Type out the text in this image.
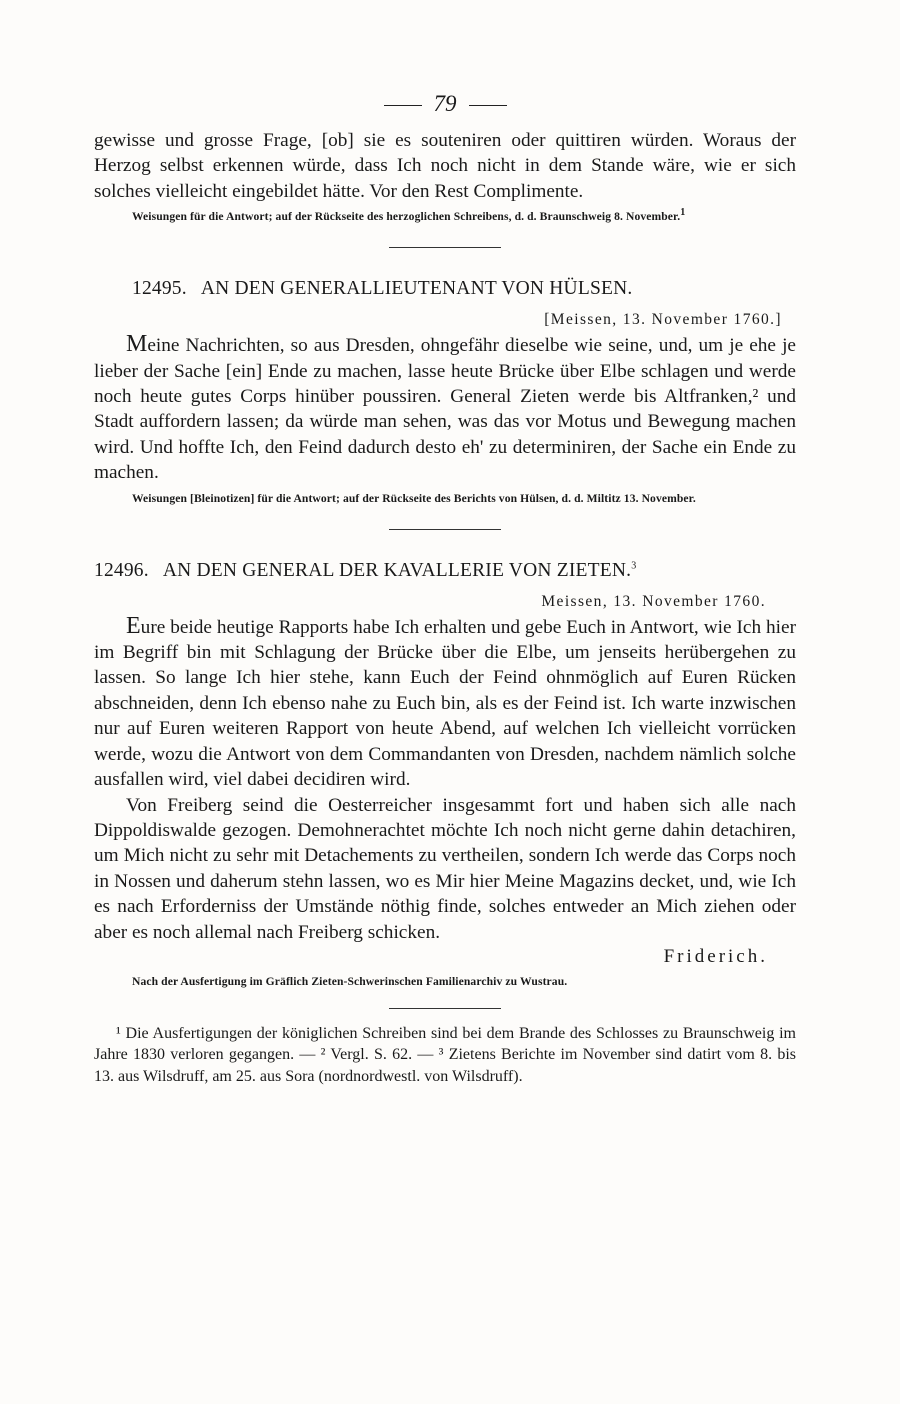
79

gewisse und grosse Frage, [ob] sie es souteniren oder quittiren würden. Woraus der Herzog selbst erkennen würde, dass Ich noch nicht in dem Stande wäre, wie er sich solches vielleicht eingebildet hätte. Vor den Rest Complimente.

Weisungen für die Antwort; auf der Rückseite des herzoglichen Schreibens, d. d. Braunschweig 8. November.1

12495. AN DEN GENERALLIEUTENANT VON HÜLSEN.

[Meissen, 13. November 1760.]

Meine Nachrichten, so aus Dresden, ohngefähr dieselbe wie seine, und, um je ehe je lieber der Sache [ein] Ende zu machen, lasse heute Brücke über Elbe schlagen und werde noch heute gutes Corps hinüber poussiren. General Zieten werde bis Altfranken,² und Stadt auffordern lassen; da würde man sehen, was das vor Motus und Bewegung machen wird. Und hoffte Ich, den Feind dadurch desto eh' zu determiniren, der Sache ein Ende zu machen.

Weisungen [Bleinotizen] für die Antwort; auf der Rückseite des Berichts von Hülsen, d. d. Miltitz 13. November.

12496. AN DEN GENERAL DER KAVALLERIE VON ZIETEN.$^3$

Meissen, 13. November 1760.

Eure beide heutige Rapports habe Ich erhalten und gebe Euch in Antwort, wie Ich hier im Begriff bin mit Schlagung der Brücke über die Elbe, um jenseits herübergehen zu lassen. So lange Ich hier stehe, kann Euch der Feind ohnmöglich auf Euren Rücken abschneiden, denn Ich ebenso nahe zu Euch bin, als es der Feind ist. Ich warte inzwischen nur auf Euren weiteren Rapport von heute Abend, auf welchen Ich vielleicht vorrücken werde, wozu die Antwort von dem Commandanten von Dresden, nachdem nämlich solche ausfallen wird, viel dabei decidiren wird.

Von Freiberg seind die Oesterreicher insgesammt fort und haben sich alle nach Dippoldiswalde gezogen. Demohnerachtet möchte Ich noch nicht gerne dahin detachiren, um Mich nicht zu sehr mit Detachements zu vertheilen, sondern Ich werde das Corps noch in Nossen und daherum stehn lassen, wo es Mir hier Meine Magazins decket, und, wie Ich es nach Erforderniss der Umstände nöthig finde, solches entweder an Mich ziehen oder aber es noch allemal nach Freiberg schicken.

Friderich.

Nach der Ausfertigung im Gräflich Zieten-Schwerinschen Familienarchiv zu Wustrau.

¹ Die Ausfertigungen der königlichen Schreiben sind bei dem Brande des Schlosses zu Braunschweig im Jahre 1830 verloren gegangen. — ² Vergl. S. 62. — ³ Zietens Berichte im November sind datirt vom 8. bis 13. aus Wilsdruff, am 25. aus Sora (nordnordwestl. von Wilsdruff).
